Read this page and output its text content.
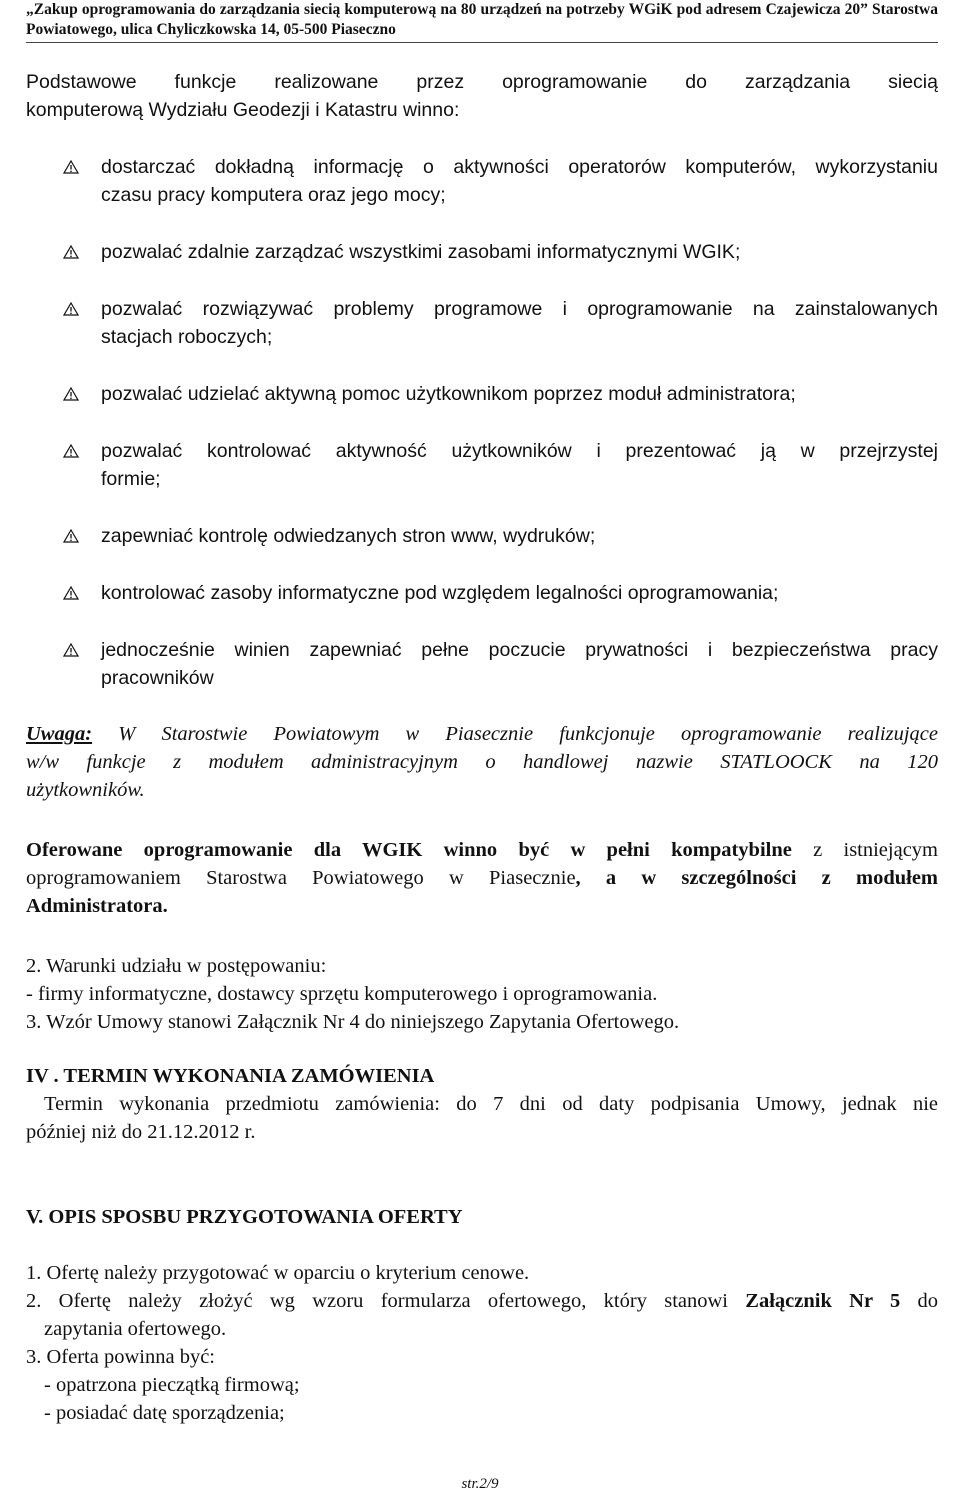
„Zakup oprogramowania do zarządzania siecią komputerową na 80 urządzeń na potrzeby WGiK pod adresem Czajewicza 20” Starostwa
Powiatowego, ulica Chyliczkowska 14, 05-500 Piaseczno
Podstawowe funkcje realizowane przez oprogramowanie do zarządzania siecią
komputerową Wydziału Geodezji i Katastru winno:
dostarczać dokładną informację o aktywności operatorów komputerów, wykorzystaniu
czasu pracy komputera oraz jego mocy;
pozwalać zdalnie zarządzać wszystkimi zasobami informatycznymi WGIK;
pozwalać rozwiązywać problemy programowe i oprogramowanie na zainstalowanych
stacjach roboczych;
pozwalać udzielać aktywną pomoc użytkownikom poprzez moduł administratora;
pozwalać kontrolować aktywność użytkowników i prezentować ją w przejrzystej
formie;
zapewniać kontrolę odwiedzanych stron www, wydruków;
kontrolować zasoby informatyczne pod względem legalności oprogramowania;
jednocześnie winien zapewniać pełne poczucie prywatności i bezpieczeństwa pracy
pracowników
Uwaga: W Starostwie Powiatowym w Piasecznie funkcjonuje oprogramowanie realizujące
w/w funkcje z modułem administracyjnym o handlowej nazwie STATLOOCK na 120
użytkowników.
Oferowane oprogramowanie dla WGIK winno być w pełni kompatybilne z istniejącym
oprogramowaniem Starostwa Powiatowego w Piasecznie, a w szczególności z modułem
Administratora.
2. Warunki udziału w postępowaniu:
- firmy informatyczne, dostawcy sprzętu komputerowego i oprogramowania.
3. Wzór Umowy stanowi Załącznik Nr 4 do niniejszego Zapytania Ofertowego.
IV . TERMIN WYKONANIA ZAMÓWIENIA
Termin wykonania przedmiotu zamówienia: do 7 dni od daty podpisania Umowy, jednak nie
później niż do 21.12.2012 r.
V. OPIS SPOSBU PRZYGOTOWANIA OFERTY
1. Ofertę należy przygotować w oparciu o kryterium cenowe.
2. Ofertę należy złożyć wg wzoru formularza ofertowego, który stanowi Załącznik Nr 5 do
zapytania ofertowego.
3. Oferta powinna być:
- opatrzona pieczątką firmową;
- posiadać datę sporządzenia;
str.2/9
